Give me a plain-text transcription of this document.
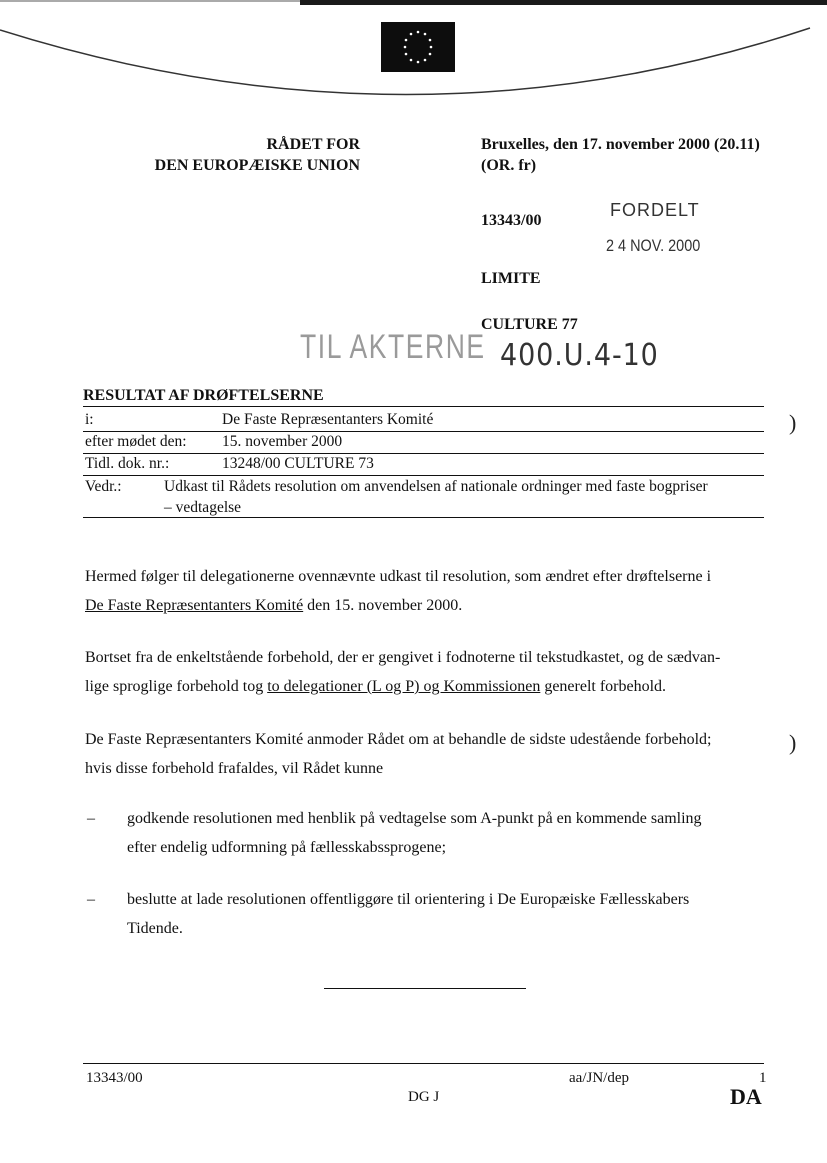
RÅDET FOR
DEN EUROPÆISKE UNION
Bruxelles, den 17. november 2000 (20.11)
(OR. fr)
13343/00
LIMITE
CULTURE 77
FORDELT
2 4 NOV. 2000
TIL AKTERNE 400.U.4-10
RESULTAT AF DRØFTELSERNE
i:	De Faste Repræsentanters Komité
efter mødet den: 15. november 2000
Tidl. dok. nr.:	13248/00 CULTURE 73
Vedr.:	Udkast til Rådets resolution om anvendelsen af nationale ordninger med faste bogpriser
– vedtagelse
Hermed følger til delegationerne ovennævnte udkast til resolution, som ændret efter drøftelserne i
De Faste Repræsentanters Komité den 15. november 2000.
Bortset fra de enkeltstående forbehold, der er gengivet i fodnoterne til tekstudkastet, og de sædvan-
lige sproglige forbehold tog to delegationer (L og P) og Kommissionen generelt forbehold.
De Faste Repræsentanters Komité anmoder Rådet om at behandle de sidste udestående forbehold;
hvis disse forbehold frafaldes, vil Rådet kunne
– godkende resolutionen med henblik på vedtagelse som A-punkt på en kommende samling
efter endelig udformning på fællesskabssprogene;
– beslutte at lade resolutionen offentliggøre til orientering i De Europæiske Fællesskabers
Tidende.
)
)
13343/00	aa/JN/dep	1
DG J	DA
